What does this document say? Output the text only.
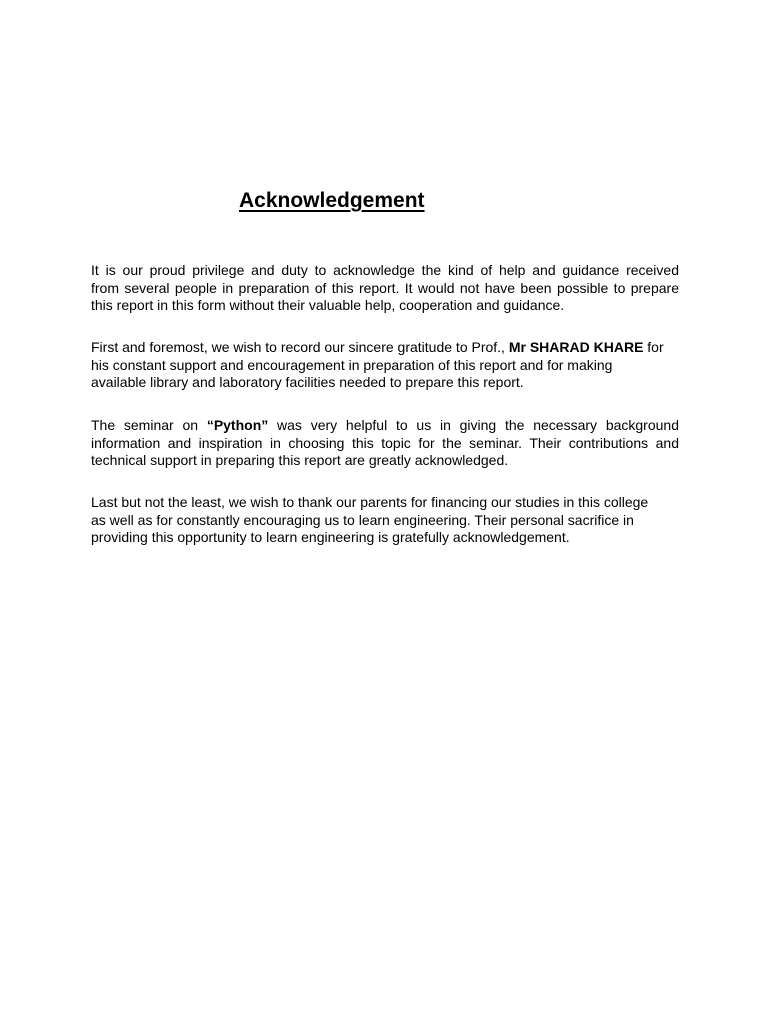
Acknowledgement

It is our proud privilege and duty to acknowledge the kind of help and guidance received
from several people in preparation of this report. It would not have been possible to prepare
this report in this form without their valuable help, cooperation and guidance.

First and foremost, we wish to record our sincere gratitude to Prof., Mr SHARAD KHARE for
his constant support and encouragement in preparation of this report and for making
available library and laboratory facilities needed to prepare this report.

The seminar on “Python” was very helpful to us in giving the necessary background
information and inspiration in choosing this topic for the seminar. Their contributions and
technical support in preparing this report are greatly acknowledged.

Last but not the least, we wish to thank our parents for financing our studies in this college
as well as for constantly encouraging us to learn engineering. Their personal sacrifice in
providing this opportunity to learn engineering is gratefully acknowledgement.
